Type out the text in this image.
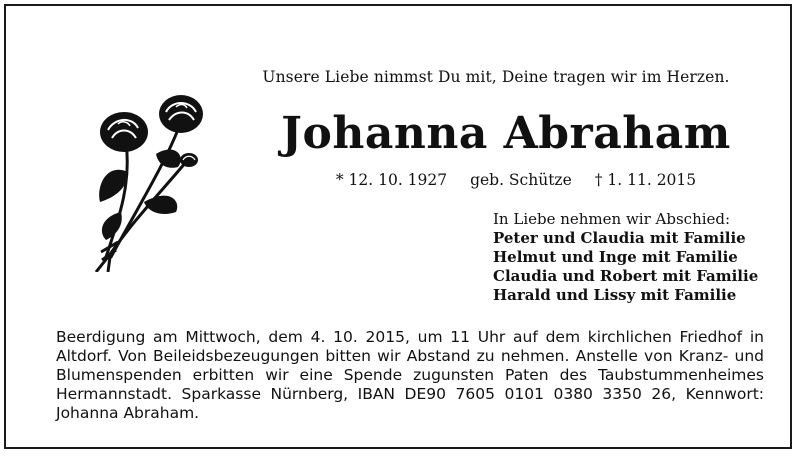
Unsere Liebe nimmst Du mit, Deine tragen wir im Herzen.
Johanna Abraham
* 12. 10. 1927 geb. Schütze † 1. 11. 2015
In Liebe nehmen wir Abschied:
Peter und Claudia mit Familie
Helmut und Inge mit Familie
Claudia und Robert mit Familie
Harald und Lissy mit Familie
Beerdigung am Mittwoch, dem 4. 10. 2015, um 11 Uhr auf dem kirchlichen Friedhof in Altdorf. Von Beileidsbezeugungen bitten wir Abstand zu nehmen. Anstelle von Kranz- und Blumenspenden erbitten wir eine Spende zugunsten Paten des Taubstummenheimes Hermannstadt. Sparkasse Nürnberg, IBAN DE90 7605 0101 0380 3350 26, Kennwort: Johanna Abraham.
